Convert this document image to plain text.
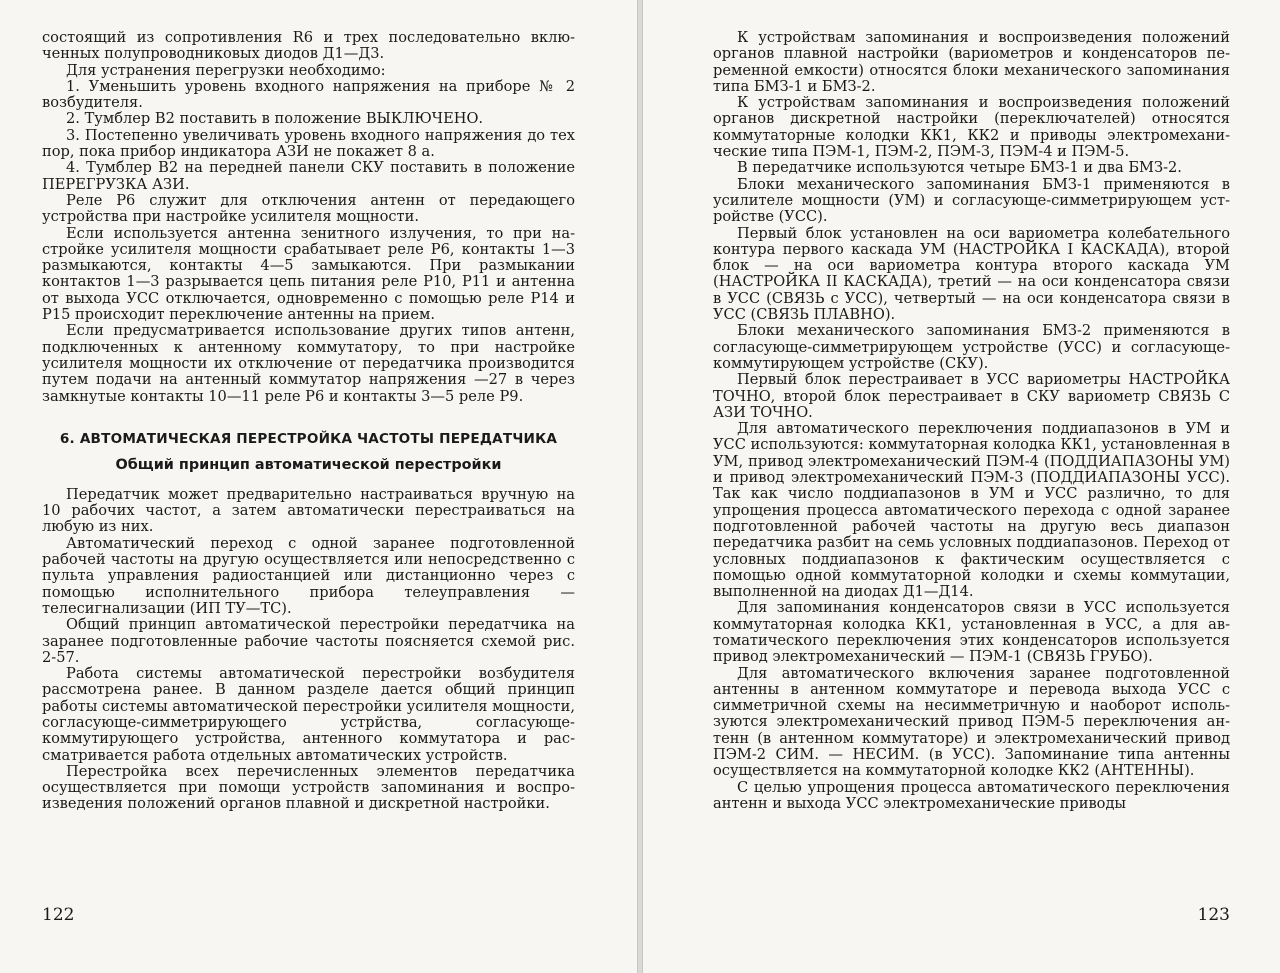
состоящий из сопротивления R6 и трех последовательно включенных полупроводниковых диодов Д1—Д3.

Для устранения перегрузки необходимо:

1. Уменьшить уровень входного напряжения на приборе № 2 возбудителя.

2. Тумблер В2 поставить в положение ВЫКЛЮЧЕНО.

3. Постепенно увеличивать уровень входного напряжения до тех пор, пока прибор индикатора АЗИ не покажет 8 а.

4. Тумблер В2 на передней панели СКУ поставить в положение ПЕРЕГРУЗКА АЗИ.

Реле Р6 служит для отключения антенн от передающего устройства при настройке усилителя мощности.

Если используется антенна зенитного излучения, то при настройке усилителя мощности срабатывает реле Р6, контакты 1—3 размыкаются, контакты 4—5 замыкаются. При размыкании контактов 1—3 разрывается цепь питания реле Р10, Р11 и антенна от выхода УСС отключается, одновременно с помощью реле Р14 и Р15 происходит переключение антенны на прием.

Если предусматривается использование других типов антенн, подключенных к антенному коммутатору, то при настройке усилителя мощности их отключение от передатчика производится путем подачи на антенный коммутатор напряжения —27 в через замкнутые контакты 10—11 реле Р6 и контакты 3—5 реле Р9.

6. АВТОМАТИЧЕСКАЯ ПЕРЕСТРОЙКА ЧАСТОТЫ ПЕРЕДАТЧИКА
Общий принцип автоматической перестройки

Передатчик может предварительно настраиваться вручную на 10 рабочих частот, а затем автоматически перестраиваться на любую из них.

Автоматический переход с одной заранее подготовленной рабочей частоты на другую осуществляется или непосредственно с пульта управления радиостанцией или дистанционно через с помощью исполнительного прибора телеуправления — телесигнализации (ИП ТУ—ТС).

Общий принцип автоматической перестройки передатчика на заранее подготовленные рабочие частоты поясняется схемой рис. 2-57.

Работа системы автоматической перестройки возбудителя рассмотрена ранее. В данном разделе дается общий принцип работы системы автоматической перестройки усилителя мощности, согласующе-симметрирующего устрйства, согласующе-коммутирующего устройства, антенного коммутатора и рассматривается работа отдельных автоматических устройств.

Перестройка всех перечисленных элементов передатчика осуществляется при помощи устройств запоминания и воспроизведения положений органов плавной и дискретной настройки.

122

К устройствам запоминания и воспроизведения положений органов плавной настройки (вариометров и конденсаторов переменной емкости) относятся блоки механического запоминания типа БМЗ-1 и БМЗ-2.

К устройствам запоминания и воспроизведения положений органов дискретной настройки (переключателей) относятся коммутаторные колодки КК1, КК2 и приводы электромеханические типа ПЭМ-1, ПЭМ-2, ПЭМ-3, ПЭМ-4 и ПЭМ-5.

В передатчике используются четыре БМЗ-1 и два БМЗ-2.

Блоки механического запоминания БМЗ-1 применяются в усилителе мощности (УМ) и согласующе-симметрирующем устройстве (УСС).

Первый блок установлен на оси вариометра колебательного контура первого каскада УМ (НАСТРОЙКА I КАСКАДА), второй блок — на оси вариометра контура второго каскада УМ (НАСТРОЙКА II КАСКАДА), третий — на оси конденсатора связи в УСС (СВЯЗЬ с УСС), четвертый — на оси конденсатора связи в УСС (СВЯЗЬ ПЛАВНО).

Блоки механического запоминания БМЗ-2 применяются в согласующе-симметрирующем устройстве (УСС) и согласующе-коммутирующем устройстве (СКУ).

Первый блок перестраивает в УСС вариометры НАСТРОЙКА ТОЧНО, второй блок перестраивает в СКУ вариометр СВЯЗЬ С АЗИ ТОЧНО.

Для автоматического переключения поддиапазонов в УМ и УСС используются: коммутаторная колодка КК1, установленная в УМ, привод электромеханический ПЭМ-4 (ПОДДИАПАЗОНЫ УМ) и привод электромеханический ПЭМ-3 (ПОДДИАПАЗОНЫ УСС). Так как число поддиапазонов в УМ и УСС различно, то для упрощения процесса автоматического перехода с одной заранее подготовленной рабочей частоты на другую весь диапазон передатчика разбит на семь условных поддиапазонов. Переход от условных поддиапазонов к фактическим осуществляется с помощью одной коммутаторной колодки и схемы коммутации, выполненной на диодах Д1—Д14.

Для запоминания конденсаторов связи в УСС используется коммутаторная колодка КК1, установленная в УСС, а для автоматического переключения этих конденсаторов используется привод электромеханический — ПЭМ-1 (СВЯЗЬ ГРУБО).

Для автоматического включения заранее подготовленной антенны в антенном коммутаторе и перевода выхода УСС с симметричной схемы на несимметричную и наоборот используются электромеханический привод ПЭМ-5 переключения антенн (в антенном коммутаторе) и электромеханический привод ПЭМ-2 СИМ. — НЕСИМ. (в УСС). Запоминание типа антенны осуществляется на коммутаторной колодке КК2 (АНТЕННЫ).

С целью упрощения процесса автоматического переключения антенн и выхода УСС электромеханические приводы

123
